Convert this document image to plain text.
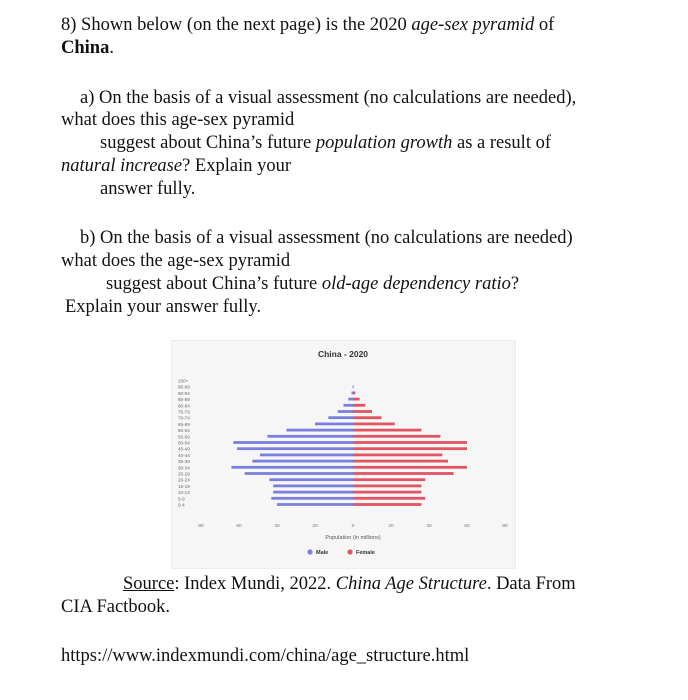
8) Shown below (on the next page) is the 2020 age-sex pyramid of
China.
a) On the basis of a visual assessment (no calculations are needed),
what does this age-sex pyramid
suggest about China’s future population growth as a result of
natural increase? Explain your
answer fully.
b) On the basis of a visual assessment (no calculations are needed)
what does the age-sex pyramid
suggest about China’s future old-age dependency ratio?
Explain your answer fully.
China - 2020
100+
95-99
90-94
85-89
80-84
75-79
70-74
65-69
60-64
55-59
50-54
45-49
40-44
35-39
30-34
25-29
20-24
15-19
10-14
5-9
0-4
80	60	40	20	0	20	40	60	80
Population (in millions)
Male	Female
Source: Index Mundi, 2022. China Age Structure. Data From
CIA Factbook.
https://www.indexmundi.com/china/age_structure.html
